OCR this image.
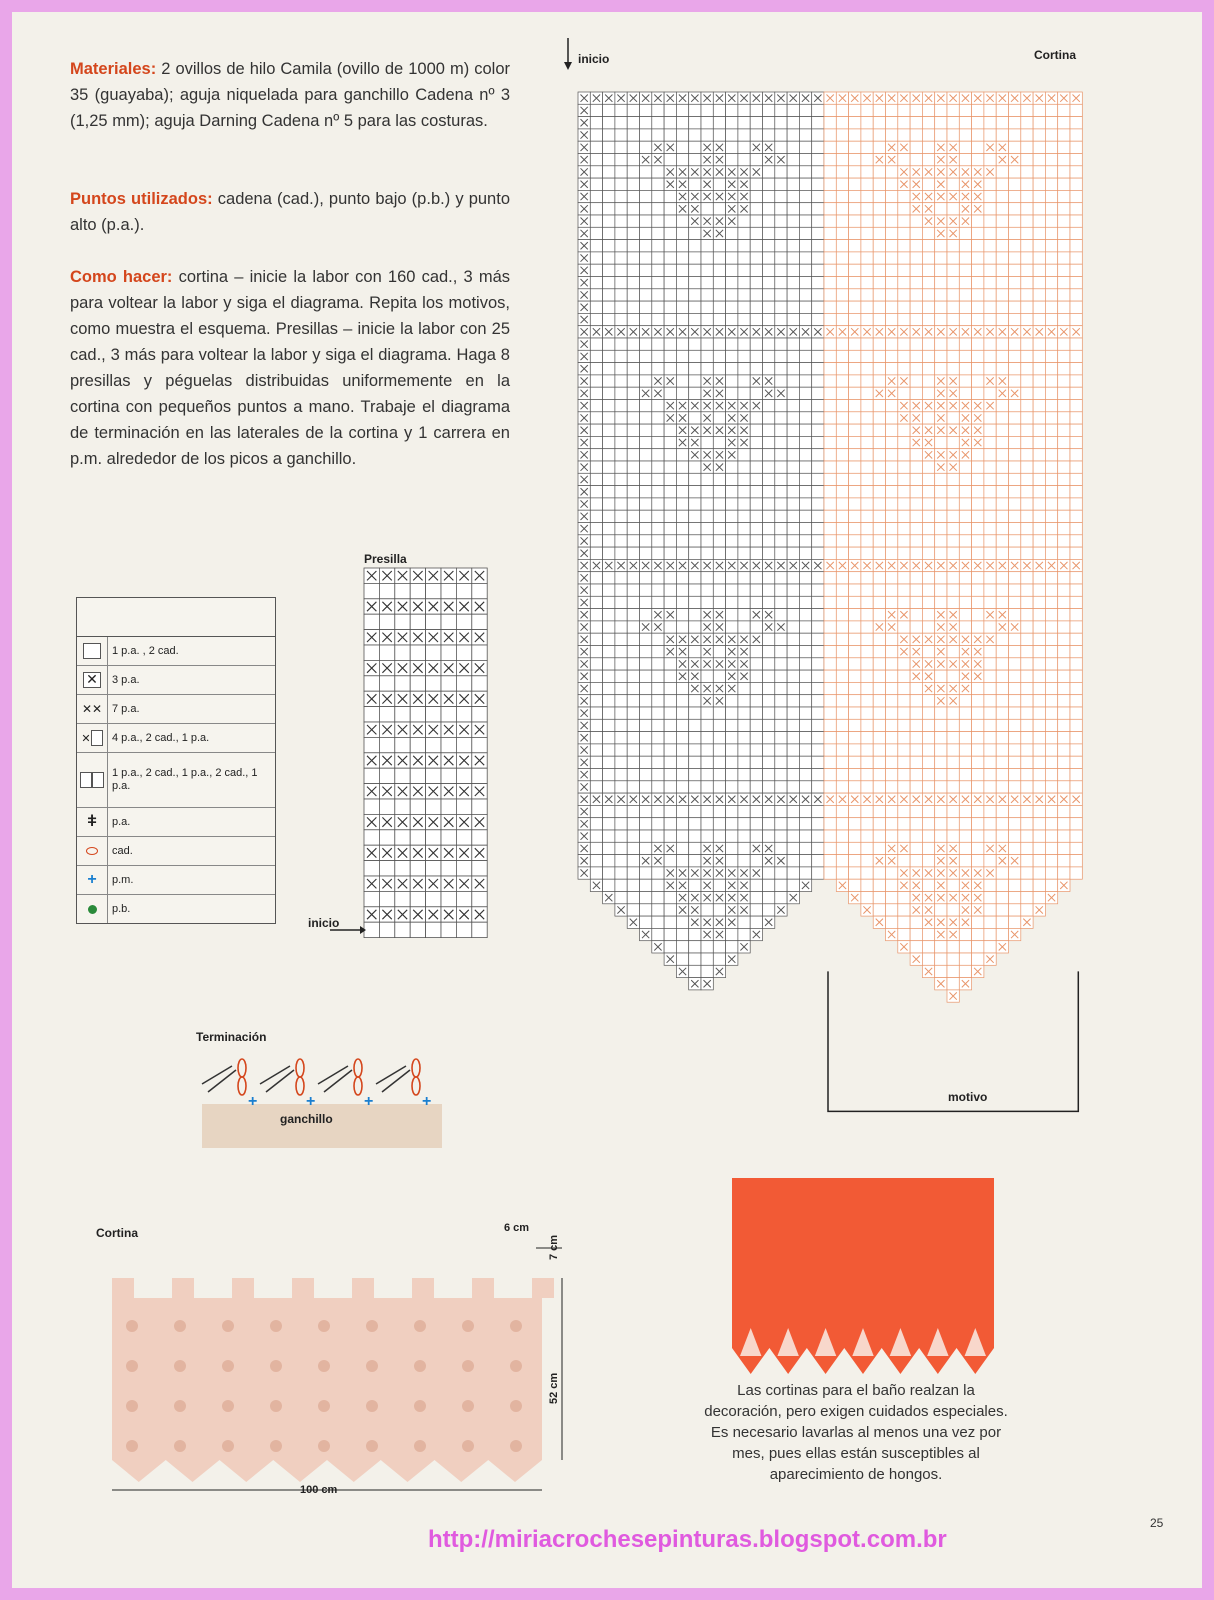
Materiales: 2 ovillos de hilo Camila (ovillo de 1000 m) color 35 (guayaba); aguja niquelada para ganchillo Cadena nº 3 (1,25 mm); aguja Darning Cadena nº 5 para las costuras.
Puntos utilizados: cadena (cad.), punto bajo (p.b.) y punto alto (p.a.).
Como hacer: cortina – inicie la labor con 160 cad., 3 más para voltear la labor y siga el diagrama. Repita los motivos, como muestra el esquema. Presillas – inicie la labor con 25 cad., 3 más para voltear la labor y siga el diagrama. Haga 8 presillas y péguelas distribuidas uniformemente en la cortina con pequeños puntos a mano. Trabaje el diagrama de terminación en las laterales de la cortina y 1 carrera en p.m. alrededor de los picos a ganchillo.
1 p.a. , 2 cad.
✕	3 p.a.
✕✕ 7 p.a.
✕	4 p.a., 2 cad., 1 p.a.
1 p.a., 2 cad., 1 p.a., 2 cad., 1 p.a.
ǂ	p.a.
cad.
+	p.m.
p.b.
Presilla
inicio
inicio	Cortina
motivo
Terminación
+	+	+	+
ganchillo
Cortina	6 cm
7 cm
52 cm
100 cm
Las cortinas para el baño realzan la decoración, pero exigen cuidados especiales. Es necesario lavarlas al menos una vez por mes, pues ellas están susceptibles al aparecimiento de hongos.
25
http://miriacrochesepinturas.blogspot.com.br
